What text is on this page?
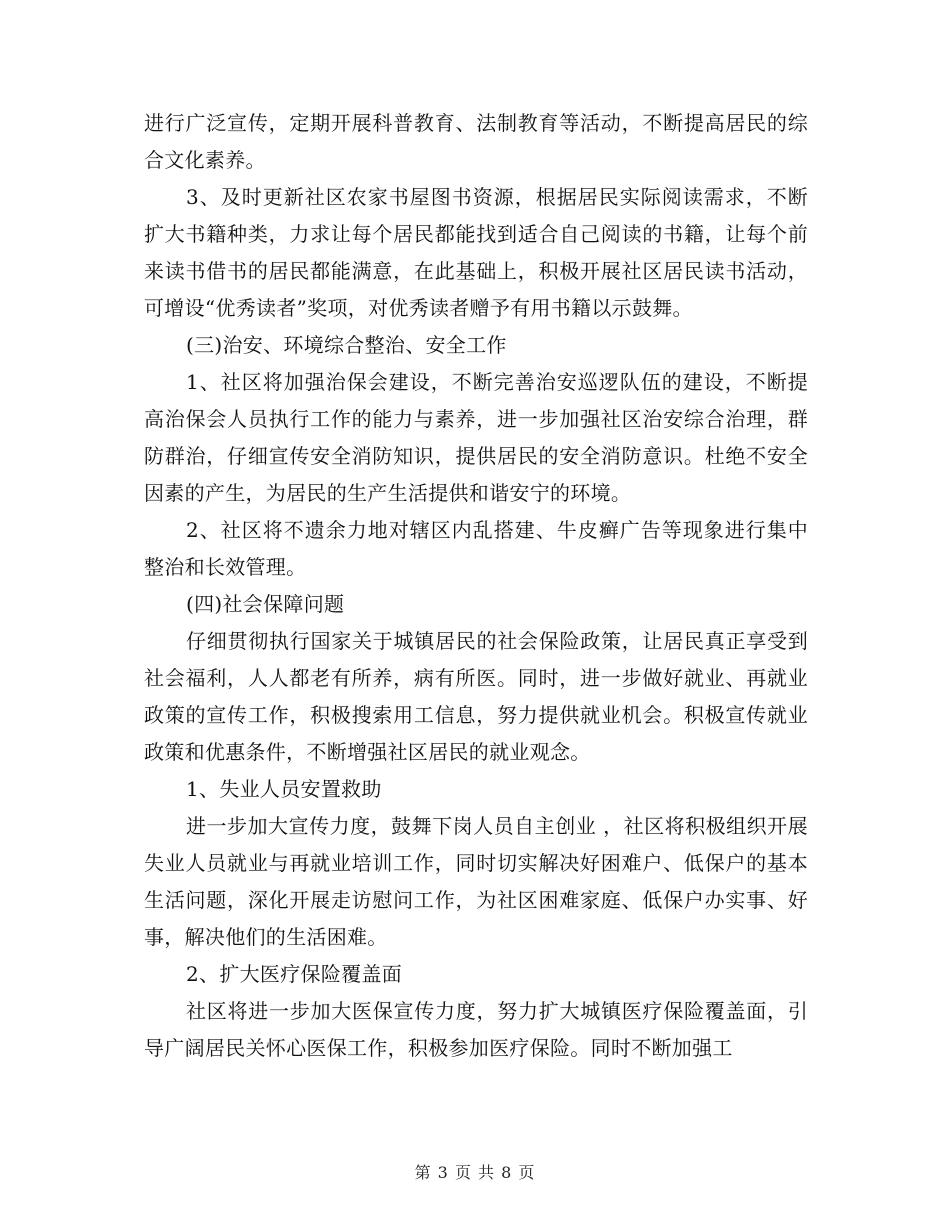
进行广泛宣传，定期开展科普教育、法制教育等活动，不断提高居民的综合文化素养。

3、及时更新社区农家书屋图书资源，根据居民实际阅读需求，不断扩大书籍种类，力求让每个居民都能找到适合自己阅读的书籍，让每个前来读书借书的居民都能满意，在此基础上，积极开展社区居民读书活动，可增设“优秀读者”奖项，对优秀读者赠予有用书籍以示鼓舞。

(三)治安、环境综合整治、安全工作

1、社区将加强治保会建设，不断完善治安巡逻队伍的建设，不断提高治保会人员执行工作的能力与素养，进一步加强社区治安综合治理，群防群治，仔细宣传安全消防知识，提供居民的安全消防意识。杜绝不安全因素的产生，为居民的生产生活提供和谐安宁的环境。

2、社区将不遗余力地对辖区内乱搭建、牛皮癣广告等现象进行集中整治和长效管理。

(四)社会保障问题

仔细贯彻执行国家关于城镇居民的社会保险政策，让居民真正享受到社会福利，人人都老有所养，病有所医。同时，进一步做好就业、再就业政策的宣传工作，积极搜索用工信息，努力提供就业机会。积极宣传就业政策和优惠条件，不断增强社区居民的就业观念。

1、失业人员安置救助

进一步加大宣传力度，鼓舞下岗人员自主创业 ，社区将积极组织开展失业人员就业与再就业培训工作，同时切实解决好困难户、低保户的基本生活问题，深化开展走访慰问工作，为社区困难家庭、低保户办实事、好事，解决他们的生活困难。

2、扩大医疗保险覆盖面

社区将进一步加大医保宣传力度，努力扩大城镇医疗保险覆盖面，引导广阔居民关怀心医保工作，积极参加医疗保险。同时不断加强工

第 3 页 共 8 页
